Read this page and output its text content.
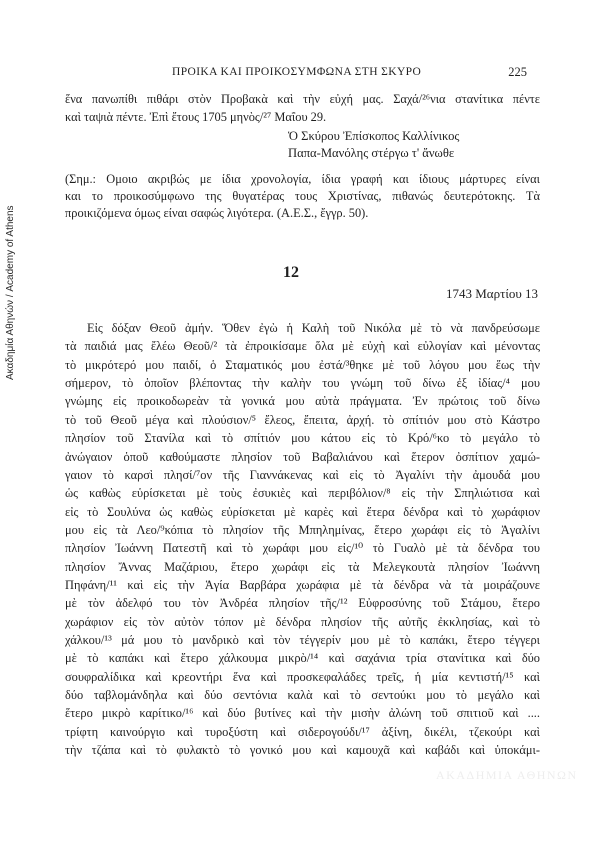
Ακαδημία Αθηνών / Academy of Athens
ΠΡΟΙΚΑ ΚΑΙ ΠΡΟΙΚΟΣΥΜΦΩΝΑ ΣΤΗ ΣΚΥΡΟ	225
ἕνα πανωπίθι πιθάρι στὸν Προβακὰ καὶ τὴν εὐχή μας. Σαχά/²⁶νια στανίτικα πέντε
καὶ ταψιὰ πέντε. Ἐπὶ ἔτους 1705 μηνὸς/²⁷ Μαΐου 29.
Ὁ Σκύρου Ἐπίσκοπος Καλλίνικος
Παπα-Μανόλης στέργω τ' ἄνωθε
(Σημ.: Ομοιο ακριβώς με ίδια χρονολογία, ίδια γραφή και ίδιους μάρτυρες είναι
και το προικοσύμφωνο της θυγατέρας τους Χριστίνας, πιθανώς δευτερότοκης. Τὰ
προικιζόμενα όμως είναι σαφώς λιγότερα. (Α.Ε.Σ., ἔγγρ. 50).
12
1743 Μαρτίου 13
Εἰς δόξαν Θεοῦ ἀμήν. Ὅθεν ἐγὼ ἡ Καλὴ τοῦ Νικόλα μὲ τὸ νὰ πανδρεύσωμε
τὰ παιδιά μας ἔλέω Θεοῦ/² τὰ ἐπροικίσαμε ὅλα μὲ εὐχὴ καὶ εὐλογίαν καὶ μένοντας
τὸ μικρότερό μου παιδί, ὁ Σταματικός μου ἐστά/³θηκε μὲ τοῦ λόγου μου ἕως τὴν
σήμερον, τὸ ὁποῖον βλέποντας τὴν καλὴν του γνώμη τοῦ δίνω ἐξ ἰδίας/⁴ μου
γνώμης εἰς προικοδωρεὰν τὰ γονικά μου αὐτὰ πράγματα. Ἐν πρώτοις τοῦ δίνω
τὸ τοῦ Θεοῦ μέγα καὶ πλούσιον/⁵ ἔλεος, ἔπειτα, ἀρχή. τὸ σπίτιόν μου στὸ Κάστρο
πλησίον τοῦ Στανίλα καὶ τὸ σπίτιόν μου κάτου εἰς τὸ Κρό/⁶κο τὸ μεγάλο τὸ
ἀνώγαιον ὁποῦ καθούμαστε πλησίον τοῦ Βαβαλιάνου καὶ ἕτερον ὀσπίτιον χαμώ-
γαιον τὸ καρσὶ πλησί/⁷ον τῆς Γιαννάκενας καὶ εἰς τὸ Ἀγαλίνι τὴν ἀμουδά μου
ὡς καθὼς εὑρίσκεται μὲ τοὺς ἐσυκιὲς καὶ περιβόλιον/⁸ εἰς τὴν Σπηλιώτισα καὶ
εἰς τὸ Σουλύνα ὡς καθὼς εὑρίσκεται μὲ καρὲς καὶ ἕτερα δένδρα καὶ τὸ χωράφιον
μου εἰς τὰ Λεο/⁹κόπια τὸ πλησίον τῆς Μπηλημίνας, ἕτερο χωράφι εἰς τὸ Ἀγαλίνι
πλησίον Ἰωάννη Πατεστῆ καὶ τὸ χωράφι μου εἰς/¹⁰ τὸ Γυαλὸ μὲ τὰ δένδρα του
πλησίον Ἄννας Μαζάριου, ἕτερο χωράφι εἰς τὰ Μελεγκουτὰ πλησίον Ἰωάννη
Πηφάνη/¹¹ καὶ εἰς τὴν Ἁγία Βαρβάρα χωράφια μὲ τὰ δένδρα νὰ τὰ μοιράζουνε
μὲ τὸν ἀδελφό του τὸν Ἀνδρέα πλησίον τῆς/¹² Εὐφροσύνης τοῦ Στάμου, ἕτερο
χωράφιον εἰς τὸν αὐτὸν τόπον μὲ δένδρα πλησίον τῆς αὐτῆς ἐκκλησίας, καὶ τὸ
χάλκου/¹³ μά μου τὸ μανδρικὸ καὶ τὸν τέγγερίν μου μὲ τὸ καπάκι, ἕτερο τέγγερι
μὲ τὸ καπάκι καὶ ἕτερο χάλκουμα μικρὸ/¹⁴ καὶ σαχάνια τρία στανίτικα καὶ δύο
σουφραλίδικα καὶ κρεοντήρι ἕνα καὶ προσκεφαλάδες τρεῖς, ἡ μία κεντιστή/¹⁵ καὶ
δύο ταβλομάνδηλα καὶ δύο σεντόνια καλὰ καὶ τὸ σεντούκι μου τὸ μεγάλο καὶ
ἕτερο μικρὸ καρίτικο/¹⁶ καὶ δύο βυτίνες καὶ τὴν μισὴν ἀλώνη τοῦ σπιτιοῦ καὶ ....
τρίφτη καινούργιο καὶ τυροξύστη καὶ σιδερογούδι/¹⁷ ἀξίνη, δικέλι, τζεκούρι καὶ
τὴν τζάπα καὶ τὸ φυλακτὸ τὸ γονικό μου καὶ καμουχᾶ καὶ καβάδι καὶ ὑποκάμι-
ΑΚΑΔΗΜΙΑ ΑΘΗΝΩΝ
